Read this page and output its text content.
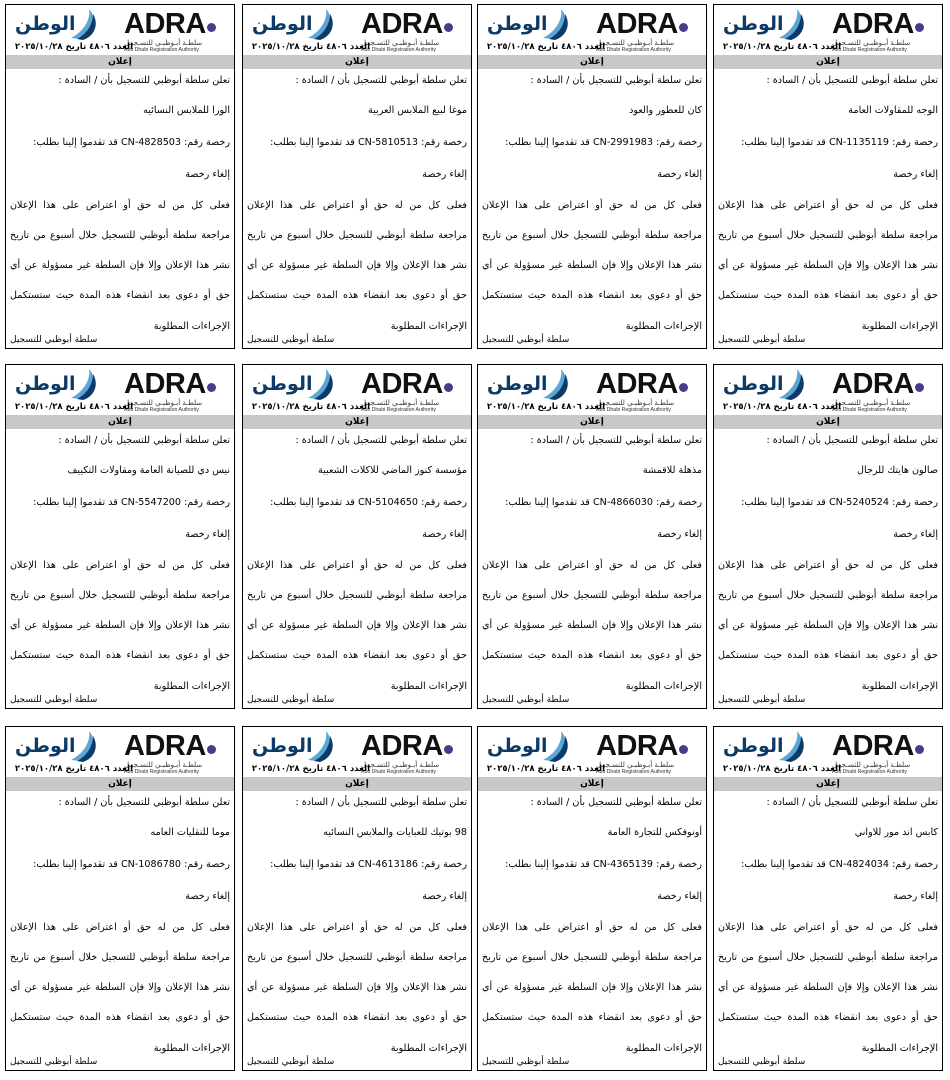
ADRA
سلطـة أبـوظبـي للتسـجيـل
Abu Dhabi Registration Authority
الوطن
العدد ٤٨٠٦ تاريخ ٢٠٢٥/١٠/٢٨
إعلان
تعلن سلطة أبوظبي للتسجيل بأن / السادة :
الوجه للمقاولات العامة
رخصة رقم: CN-1135119 قد تقدموا إلينا بطلب:
إلغاء رخصة
فعلى كل من له حق أو اعتراض على هذا الإعلان
مراجعة سلطة أبوظبي للتسجيل خلال أسبوع من تاريخ
نشر هذا الإعلان وإلا فإن السلطة غير مسؤولة عن أي
حق أو دعوى بعد انقضاء هذه المدة حيث ستستكمل
الإجراءات المطلوبة
سلطة أبوظبي للتسجيل
ADRA
سلطـة أبـوظبـي للتسـجيـل
Abu Dhabi Registration Authority
الوطن
العدد ٤٨٠٦ تاريخ ٢٠٢٥/١٠/٢٨
إعلان
تعلن سلطة أبوظبي للتسجيل بأن / السادة :
كان للعطور والعود
رخصة رقم: CN-2991983 قد تقدموا إلينا بطلب:
إلغاء رخصة
فعلى كل من له حق أو اعتراض على هذا الإعلان
مراجعة سلطة أبوظبي للتسجيل خلال أسبوع من تاريخ
نشر هذا الإعلان وإلا فإن السلطة غير مسؤولة عن أي
حق أو دعوى بعد انقضاء هذه المدة حيث ستستكمل
الإجراءات المطلوبة
سلطة أبوظبي للتسجيل
ADRA
سلطـة أبـوظبـي للتسـجيـل
Abu Dhabi Registration Authority
الوطن
العدد ٤٨٠٦ تاريخ ٢٠٢٥/١٠/٢٨
إعلان
تعلن سلطة أبوظبي للتسجيل بأن / السادة :
موغا لبيع الملابس العربية
رخصة رقم: CN-5810513 قد تقدموا إلينا بطلب:
إلغاء رخصة
فعلى كل من له حق أو اعتراض على هذا الإعلان
مراجعة سلطة أبوظبي للتسجيل خلال أسبوع من تاريخ
نشر هذا الإعلان وإلا فإن السلطة غير مسؤولة عن أي
حق أو دعوى بعد انقضاء هذه المدة حيث ستستكمل
الإجراءات المطلوبة
سلطة أبوظبي للتسجيل
ADRA
سلطـة أبـوظبـي للتسـجيـل
Abu Dhabi Registration Authority
الوطن
العدد ٤٨٠٦ تاريخ ٢٠٢٥/١٠/٢٨
إعلان
تعلن سلطة أبوظبي للتسجيل بأن / السادة :
الورا للملابس النسائيه
رخصة رقم: CN-4828503 قد تقدموا إلينا بطلب:
إلغاء رخصة
فعلى كل من له حق أو اعتراض على هذا الإعلان
مراجعة سلطة أبوظبي للتسجيل خلال أسبوع من تاريخ
نشر هذا الإعلان وإلا فإن السلطة غير مسؤولة عن أي
حق أو دعوى بعد انقضاء هذه المدة حيث ستستكمل
الإجراءات المطلوبة
سلطة أبوظبي للتسجيل
ADRA
سلطـة أبـوظبـي للتسـجيـل
Abu Dhabi Registration Authority
الوطن
العدد ٤٨٠٦ تاريخ ٢٠٢٥/١٠/٢٨
إعلان
تعلن سلطة أبوظبي للتسجيل بأن / السادة :
صالون هايتك للرجال
رخصة رقم: CN-5240524 قد تقدموا إلينا بطلب:
إلغاء رخصة
فعلى كل من له حق أو اعتراض على هذا الإعلان
مراجعة سلطة أبوظبي للتسجيل خلال أسبوع من تاريخ
نشر هذا الإعلان وإلا فإن السلطة غير مسؤولة عن أي
حق أو دعوى بعد انقضاء هذه المدة حيث ستستكمل
الإجراءات المطلوبة
سلطة أبوظبي للتسجيل
ADRA
سلطـة أبـوظبـي للتسـجيـل
Abu Dhabi Registration Authority
الوطن
العدد ٤٨٠٦ تاريخ ٢٠٢٥/١٠/٢٨
إعلان
تعلن سلطة أبوظبي للتسجيل بأن / السادة :
مذهلة للاقمشة
رخصة رقم: CN-4866030 قد تقدموا إلينا بطلب:
إلغاء رخصة
فعلى كل من له حق أو اعتراض على هذا الإعلان
مراجعة سلطة أبوظبي للتسجيل خلال أسبوع من تاريخ
نشر هذا الإعلان وإلا فإن السلطة غير مسؤولة عن أي
حق أو دعوى بعد انقضاء هذه المدة حيث ستستكمل
الإجراءات المطلوبة
سلطة أبوظبي للتسجيل
ADRA
سلطـة أبـوظبـي للتسـجيـل
Abu Dhabi Registration Authority
الوطن
العدد ٤٨٠٦ تاريخ ٢٠٢٥/١٠/٢٨
إعلان
تعلن سلطة أبوظبي للتسجيل بأن / السادة :
مؤسسة كنوز الماضي للاكلات الشعبية
رخصة رقم: CN-5104650 قد تقدموا إلينا بطلب:
إلغاء رخصة
فعلى كل من له حق أو اعتراض على هذا الإعلان
مراجعة سلطة أبوظبي للتسجيل خلال أسبوع من تاريخ
نشر هذا الإعلان وإلا فإن السلطة غير مسؤولة عن أي
حق أو دعوى بعد انقضاء هذه المدة حيث ستستكمل
الإجراءات المطلوبة
سلطة أبوظبي للتسجيل
ADRA
سلطـة أبـوظبـي للتسـجيـل
Abu Dhabi Registration Authority
الوطن
العدد ٤٨٠٦ تاريخ ٢٠٢٥/١٠/٢٨
إعلان
تعلن سلطة أبوظبي للتسجيل بأن / السادة :
نيس دي للصيانة العامة ومقاولات التكييف
رخصة رقم: CN-5547200 قد تقدموا إلينا بطلب:
إلغاء رخصة
فعلى كل من له حق أو اعتراض على هذا الإعلان
مراجعة سلطة أبوظبي للتسجيل خلال أسبوع من تاريخ
نشر هذا الإعلان وإلا فإن السلطة غير مسؤولة عن أي
حق أو دعوى بعد انقضاء هذه المدة حيث ستستكمل
الإجراءات المطلوبة
سلطة أبوظبي للتسجيل
ADRA
سلطـة أبـوظبـي للتسـجيـل
Abu Dhabi Registration Authority
الوطن
العدد ٤٨٠٦ تاريخ ٢٠٢٥/١٠/٢٨
إعلان
تعلن سلطة أبوظبي للتسجيل بأن / السادة :
كابس اند مور للاواني
رخصة رقم: CN-4824034 قد تقدموا إلينا بطلب:
إلغاء رخصة
فعلى كل من له حق أو اعتراض على هذا الإعلان
مراجعة سلطة أبوظبي للتسجيل خلال أسبوع من تاريخ
نشر هذا الإعلان وإلا فإن السلطة غير مسؤولة عن أي
حق أو دعوى بعد انقضاء هذه المدة حيث ستستكمل
الإجراءات المطلوبة
سلطة أبوظبي للتسجيل
ADRA
سلطـة أبـوظبـي للتسـجيـل
Abu Dhabi Registration Authority
الوطن
العدد ٤٨٠٦ تاريخ ٢٠٢٥/١٠/٢٨
إعلان
تعلن سلطة أبوظبي للتسجيل بأن / السادة :
أونوفكس للتجارة العامة
رخصة رقم: CN-4365139 قد تقدموا إلينا بطلب:
إلغاء رخصة
فعلى كل من له حق أو اعتراض على هذا الإعلان
مراجعة سلطة أبوظبي للتسجيل خلال أسبوع من تاريخ
نشر هذا الإعلان وإلا فإن السلطة غير مسؤولة عن أي
حق أو دعوى بعد انقضاء هذه المدة حيث ستستكمل
الإجراءات المطلوبة
سلطة أبوظبي للتسجيل
ADRA
سلطـة أبـوظبـي للتسـجيـل
Abu Dhabi Registration Authority
الوطن
العدد ٤٨٠٦ تاريخ ٢٠٢٥/١٠/٢٨
إعلان
تعلن سلطة أبوظبي للتسجيل بأن / السادة :
98 بوتيك للعبايات والملابس النسائيه
رخصة رقم: CN-4613186 قد تقدموا إلينا بطلب:
إلغاء رخصة
فعلى كل من له حق أو اعتراض على هذا الإعلان
مراجعة سلطة أبوظبي للتسجيل خلال أسبوع من تاريخ
نشر هذا الإعلان وإلا فإن السلطة غير مسؤولة عن أي
حق أو دعوى بعد انقضاء هذه المدة حيث ستستكمل
الإجراءات المطلوبة
سلطة أبوظبي للتسجيل
ADRA
سلطـة أبـوظبـي للتسـجيـل
Abu Dhabi Registration Authority
الوطن
العدد ٤٨٠٦ تاريخ ٢٠٢٥/١٠/٢٨
إعلان
تعلن سلطة أبوظبي للتسجيل بأن / السادة :
موما للنقليات العامه
رخصة رقم: CN-1086780 قد تقدموا إلينا بطلب:
إلغاء رخصة
فعلى كل من له حق أو اعتراض على هذا الإعلان
مراجعة سلطة أبوظبي للتسجيل خلال أسبوع من تاريخ
نشر هذا الإعلان وإلا فإن السلطة غير مسؤولة عن أي
حق أو دعوى بعد انقضاء هذه المدة حيث ستستكمل
الإجراءات المطلوبة
سلطة أبوظبي للتسجيل
